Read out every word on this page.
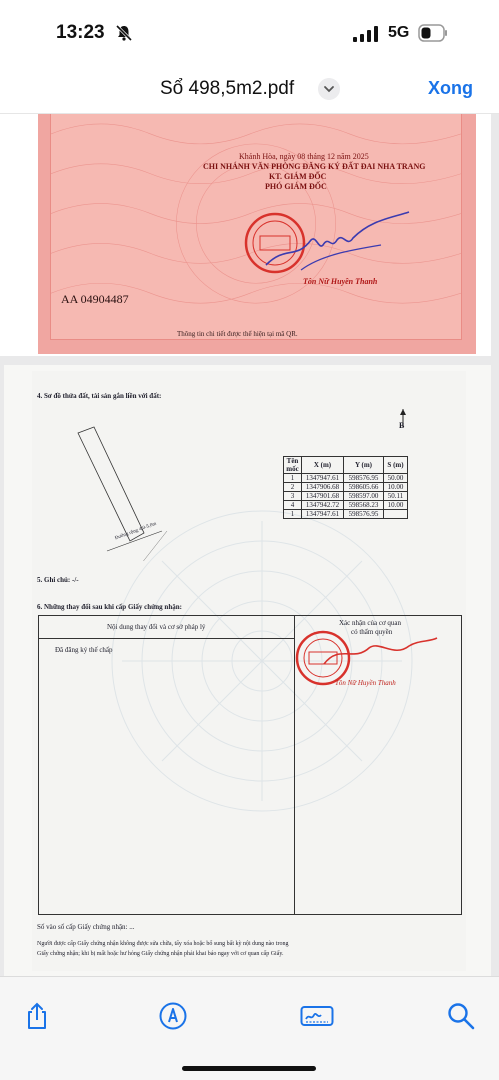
13:23	5G
Sổ 498,5m2.pdf	Xong
Khánh Hòa, ngày 08 tháng 12 năm 2025
CHI NHÁNH VĂN PHÒNG ĐĂNG KÝ ĐẤT ĐAI NHA TRANG
KT. GIÁM ĐỐC
PHÓ GIÁM ĐỐC
Tôn Nữ Huyền Thanh
AA 04904487
Thông tin chi tiết được thể hiện tại mã QR.
4. Sơ đồ thửa đất, tài sản gắn liền với đất:
Đường rộng 4,0-5,0m
B
Tên mốc	X (m)	Y (m)	S (m)
1	1347947.61	598576.95	50.00
2	1347906.68	598605.66	10.00
3	1347901.68	598597.00	50.11
4	1347942.72	598568.23	10.00
1	1347947.61	598576.95	
5. Ghi chú: -/-
6. Những thay đổi sau khi cấp Giấy chứng nhận:
Nội dung thay đổi và cơ sở pháp lý	Xác nhận của cơ quan
có thẩm quyền
Đã đăng ký thế chấp
Tôn Nữ Huyền Thanh
Số vào số cấp Giấy chứng nhận: ...
Người được cấp Giấy chứng nhận không được sửa chữa, tẩy xóa hoặc bổ sung bất kỳ nội dung nào trong
Giấy chứng nhận; khi bị mất hoặc hư hỏng Giấy chứng nhận phải khai báo ngay với cơ quan cấp Giấy.
